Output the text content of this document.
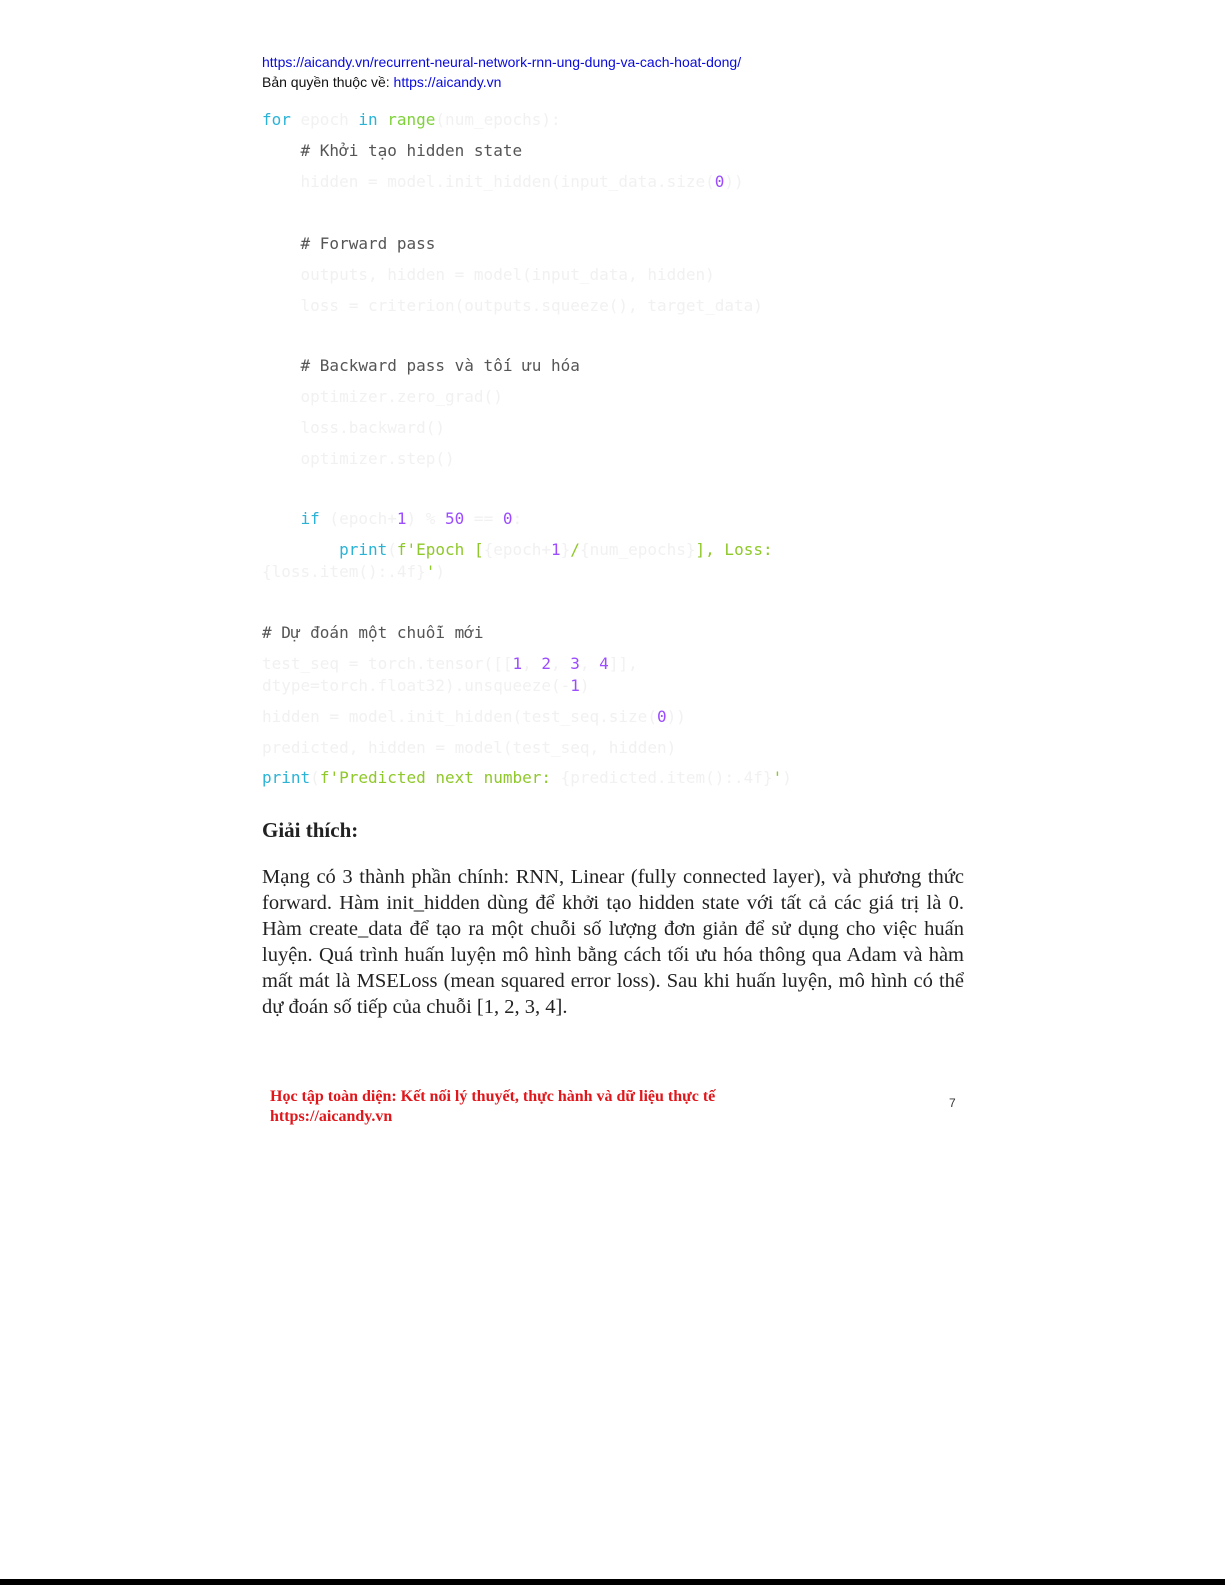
https://aicandy.vn/recurrent-neural-network-rnn-ung-dung-va-cach-hoat-dong/
Bản quyền thuộc về: https://aicandy.vn
for epoch in range(num_epochs):
# Khởi tạo hidden state
hidden = model.init_hidden(input_data.size(0))
# Forward pass
outputs, hidden = model(input_data, hidden)
loss = criterion(outputs.squeeze(), target_data)
# Backward pass và tối ưu hóa
optimizer.zero_grad()
loss.backward()
optimizer.step()
if (epoch+1) % 50 == 0:
print(f'Epoch [{epoch+1}/{num_epochs}], Loss:
{loss.item():.4f}')
# Dự đoán một chuỗi mới
test_seq = torch.tensor([[1, 2, 3, 4]],
dtype=torch.float32).unsqueeze(-1)
hidden = model.init_hidden(test_seq.size(0))
predicted, hidden = model(test_seq, hidden)
print(f'Predicted next number: {predicted.item():.4f}')
Giải thích:
Mạng có 3 thành phần chính: RNN, Linear (fully connected layer), và phương thức forward. Hàm init_hidden dùng để khởi tạo hidden state với tất cả các giá trị là 0. Hàm create_data để tạo ra một chuỗi số lượng đơn giản để sử dụng cho việc huấn luyện. Quá trình huấn luyện mô hình bằng cách tối ưu hóa thông qua Adam và hàm mất mát là MSELoss (mean squared error loss). Sau khi huấn luyện, mô hình có thể dự đoán số tiếp của chuỗi [1, 2, 3, 4].
Học tập toàn diện: Kết nối lý thuyết, thực hành và dữ liệu thực tế
https://aicandy.vn
7
